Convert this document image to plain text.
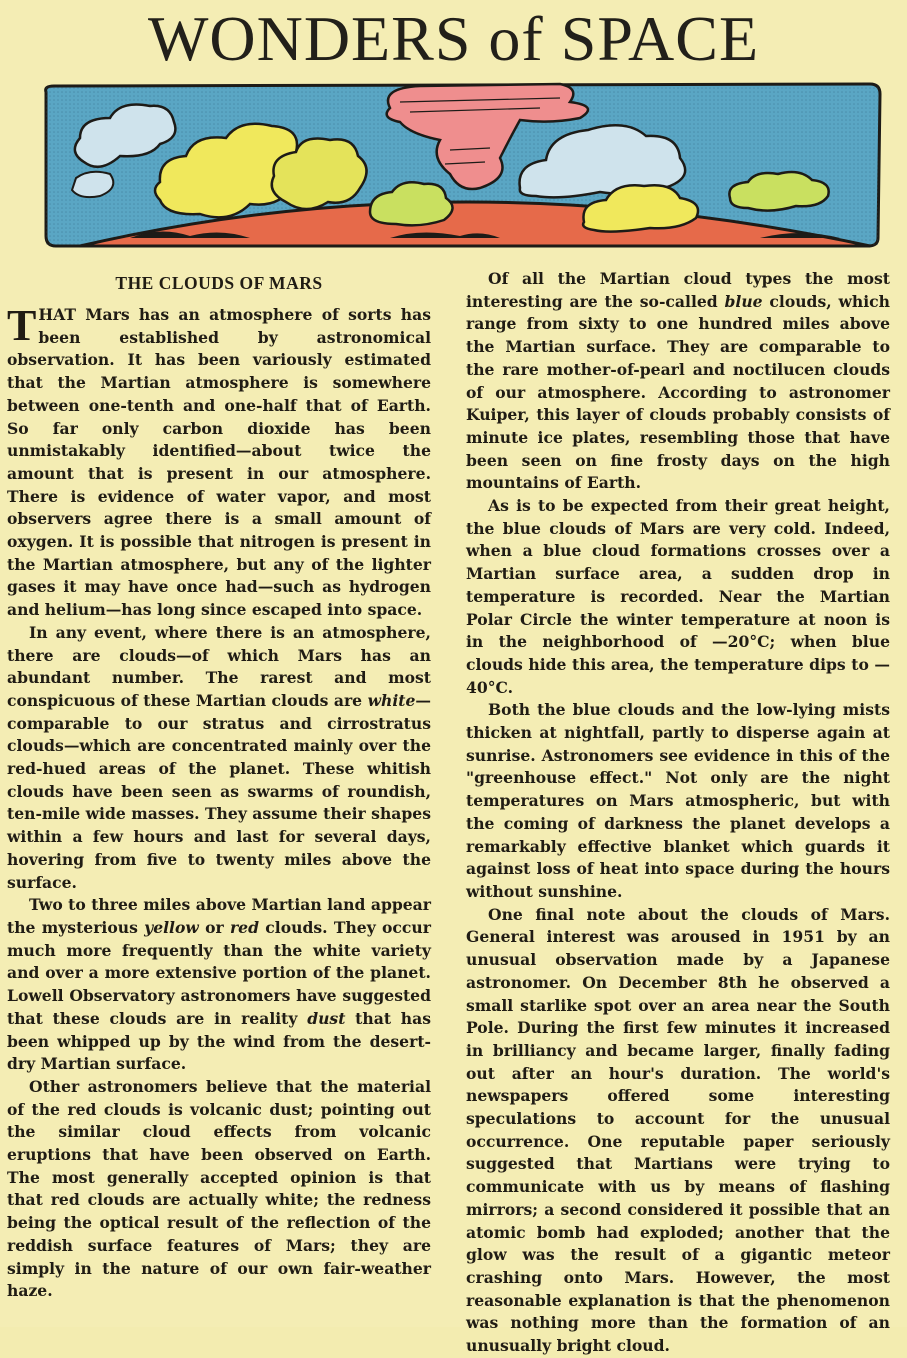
WONDERS of SPACE
THE CLOUDS OF MARS

THAT Mars has an atmosphere of sorts has been established by astronomical observation. It has been variously estimated that the Martian atmosphere is somewhere between one-tenth and one-half that of Earth. So far only carbon dioxide has been unmistakably identified—about twice the amount that is present in our atmosphere. There is evidence of water vapor, and most observers agree there is a small amount of oxygen. It is possible that nitrogen is present in the Martian atmosphere, but any of the lighter gases it may have once had—such as hydrogen and helium—has long since escaped into space.

In any event, where there is an atmosphere, there are clouds—of which Mars has an abundant number. The rarest and most conspicuous of these Martian clouds are white—comparable to our stratus and cirrostratus clouds—which are concentrated mainly over the red-hued areas of the planet. These whitish clouds have been seen as swarms of roundish, ten-mile wide masses. They assume their shapes within a few hours and last for several days, hovering from five to twenty miles above the surface.

Two to three miles above Martian land appear the mysterious yellow or red clouds. They occur much more frequently than the white variety and over a more extensive portion of the planet. Lowell Observatory astronomers have suggested that these clouds are in reality dust that has been whipped up by the wind from the desert-dry Martian surface.

Other astronomers believe that the material of the red clouds is volcanic dust; pointing out the similar cloud effects from volcanic eruptions that have been observed on Earth. The most generally accepted opinion is that that red clouds are actually white; the redness being the optical result of the reflection of the reddish surface features of Mars; they are simply in the nature of our own fair-weather haze.

Of all the Martian cloud types the most interesting are the so-called blue clouds, which range from sixty to one hundred miles above the Martian surface. They are comparable to the rare mother-of-pearl and noctilucen clouds of our atmosphere. According to astronomer Kuiper, this layer of clouds probably consists of minute ice plates, resembling those that have been seen on fine frosty days on the high mountains of Earth.

As is to be expected from their great height, the blue clouds of Mars are very cold. Indeed, when a blue cloud formations crosses over a Martian surface area, a sudden drop in temperature is recorded. Near the Martian Polar Circle the winter temperature at noon is in the neighborhood of —20°C; when blue clouds hide this area, the temperature dips to —40°C.

Both the blue clouds and the low-lying mists thicken at nightfall, partly to disperse again at sunrise. Astronomers see evidence in this of the "greenhouse effect." Not only are the night temperatures on Mars atmospheric, but with the coming of darkness the planet develops a remarkably effective blanket which guards it against loss of heat into space during the hours without sunshine.

One final note about the clouds of Mars. General interest was aroused in 1951 by an unusual observation made by a Japanese astronomer. On December 8th he observed a small starlike spot over an area near the South Pole. During the first few minutes it increased in brilliancy and became larger, finally fading out after an hour's duration. The world's newspapers offered some interesting speculations to account for the unusual occurrence. One reputable paper seriously suggested that Martians were trying to communicate with us by means of flashing mirrors; a second considered it possible that an atomic bomb had exploded; another that the glow was the result of a gigantic meteor crashing onto Mars. However, the most reasonable explanation is that the phenomenon was nothing more than the formation of an unusually bright cloud.
